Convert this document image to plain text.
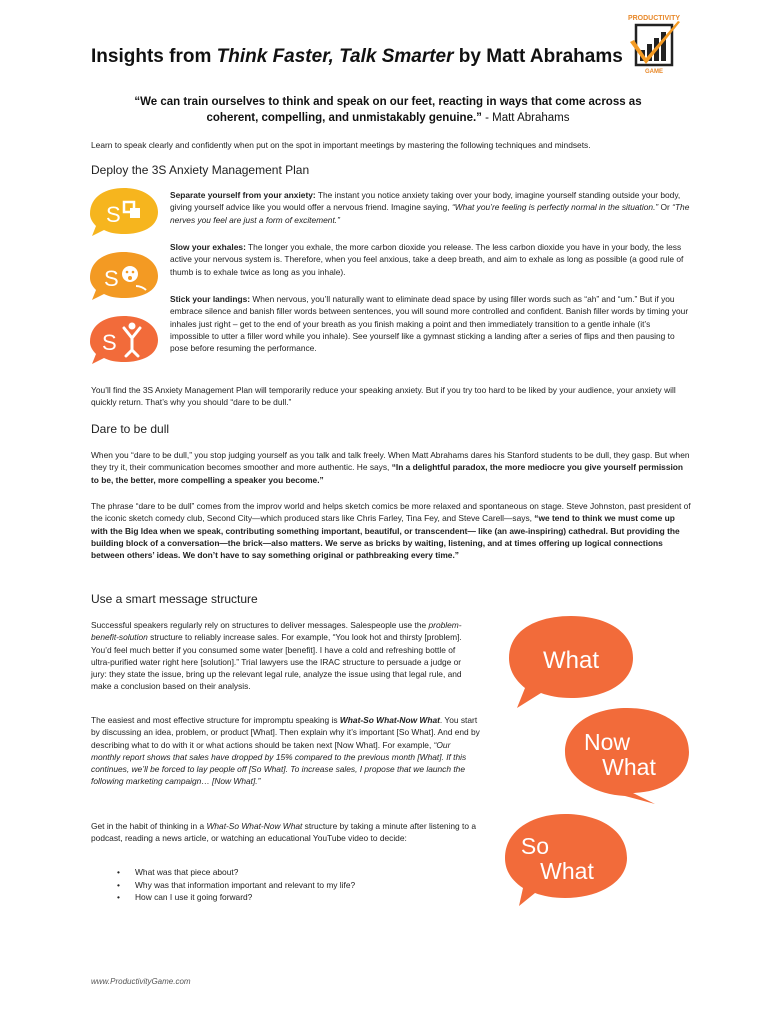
Insights from Think Faster, Talk Smarter by Matt Abrahams
PRODUCTIVITY
GAME
“We can train ourselves to think and speak on our feet, reacting in ways that come across as
coherent, compelling, and unmistakably genuine.” - Matt Abrahams
Learn to speak clearly and confidently when put on the spot in important meetings by mastering the following techniques and mindsets.
Deploy the 3S Anxiety Management Plan
S
S
S
Separate yourself from your anxiety: The instant you notice anxiety taking over your body, imagine yourself standing outside your body, giving yourself advice like you would offer a nervous friend. Imagine saying, “What you’re feeling is perfectly normal in the situation.” Or “The nerves you feel are just a form of excitement.”
Slow your exhales: The longer you exhale, the more carbon dioxide you release. The less carbon dioxide you have in your body, the less active your nervous system is. Therefore, when you feel anxious, take a deep breath, and aim to exhale as long as possible (a good rule of thumb is to exhale twice as long as you inhale).
Stick your landings: When nervous, you’ll naturally want to eliminate dead space by using filler words such as “ah” and “um.” But if you embrace silence and banish filler words between sentences, you will sound more controlled and confident. Banish filler words by timing your inhales just right – get to the end of your breath as you finish making a point and then immediately transition to a gentle inhale (it’s impossible to utter a filler word while you inhale). See yourself like a gymnast sticking a landing after a series of flips and then pausing to pose before resuming the performance.
You’ll find the 3S Anxiety Management Plan will temporarily reduce your speaking anxiety. But if you try too hard to be liked by your audience, your anxiety will quickly return. That’s why you should “dare to be dull.”
Dare to be dull
When you “dare to be dull,” you stop judging yourself as you talk and talk freely. When Matt Abrahams dares his Stanford students to be dull, they gasp. But when they try it, their communication becomes smoother and more authentic. He says, “In a delightful paradox, the more mediocre you give yourself permission to be, the better, more compelling a speaker you become.”
The phrase “dare to be dull” comes from the improv world and helps sketch comics be more relaxed and spontaneous on stage. Steve Johnston, past president of the iconic sketch comedy club, Second City—which produced stars like Chris Farley, Tina Fey, and Steve Carell—says, “we tend to think we must come up with the Big Idea when we speak, contributing something important, beautiful, or transcendent— like (an awe-inspiring) cathedral. But providing the building block of a conversation—the brick—also matters. We serve as bricks by waiting, listening, and at times offering up logical connections between others’ ideas. We don’t have to say something original or pathbreaking every time.”
Use a smart message structure
Successful speakers regularly rely on structures to deliver messages. Salespeople use the problem-benefit-solution structure to reliably increase sales. For example, “You look hot and thirsty [problem]. You’d feel much better if you consumed some water [benefit]. I have a cold and refreshing bottle of ultra-purified water right here [solution].” Trial lawyers use the IRAC structure to persuade a judge or jury: they state the issue, bring up the relevant legal rule, analyze the issue using that legal rule, and make a conclusion based on their analysis.
The easiest and most effective structure for impromptu speaking is What-So What-Now What. You start by discussing an idea, problem, or product [What]. Then explain why it’s important [So What]. And end by describing what to do with it or what actions should be taken next [Now What]. For example, “Our monthly report shows that sales have dropped by 15% compared to the previous month [What]. If this continues, we’ll be forced to lay people off [So What]. To increase sales, I propose that we launch the following marketing campaign… [Now What].”
Get in the habit of thinking in a What-So What-Now What structure by taking a minute after listening to a podcast, reading a news article, or watching an educational YouTube video to decide:
• What was that piece about?
• Why was that information important and relevant to my life?
• How can I use it going forward?
What
Now
What
So
What
www.ProductivityGame.com
